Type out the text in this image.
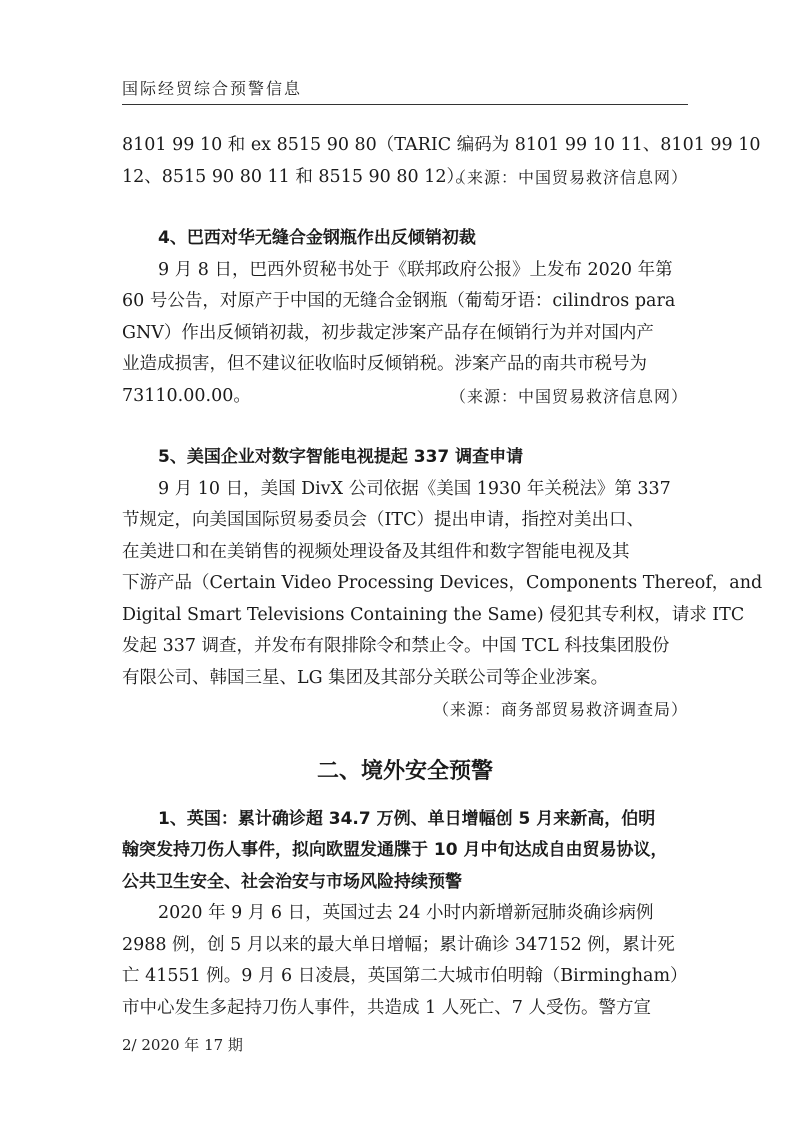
国际经贸综合预警信息

8101 99 10 和 ex 8515 90 80（TARIC 编码为 8101 99 10 11、8101 99 10
12、8515 90 80 11 和 8515 90 80 12）。

（来源：中国贸易救济信息网）

4、巴西对华无缝合金钢瓶作出反倾销初裁

9 月 8 日，巴西外贸秘书处于《联邦政府公报》上发布 2020 年第
60 号公告，对原产于中国的无缝合金钢瓶（葡萄牙语：cilindros para
GNV）作出反倾销初裁，初步裁定涉案产品存在倾销行为并对国内产
业造成损害，但不建议征收临时反倾销税。涉案产品的南共市税号为
73110.00.00。	（来源：中国贸易救济信息网）

5、美国企业对数字智能电视提起 337 调查申请

9 月 10 日，美国 DivX 公司依据《美国 1930 年关税法》第 337
节规定，向美国国际贸易委员会（ITC）提出申请，指控对美出口、
在美进口和在美销售的视频处理设备及其组件和数字智能电视及其
下游产品（Certain Video Processing Devices，Components Thereof，and
Digital Smart Televisions Containing the Same) 侵犯其专利权，请求 ITC
发起 337 调查，并发布有限排除令和禁止令。中国 TCL 科技集团股份
有限公司、韩国三星、LG 集团及其部分关联公司等企业涉案。

（来源：商务部贸易救济调查局）

二、境外安全预警

1、英国：累计确诊超 34.7 万例、单日增幅创 5 月来新高，伯明
翰突发持刀伤人事件，拟向欧盟发通牒于 10 月中旬达成自由贸易协议，
公共卫生安全、社会治安与市场风险持续预警

2020 年 9 月 6 日，英国过去 24 小时内新增新冠肺炎确诊病例
2988 例，创 5 月以来的最大单日增幅；累计确诊 347152 例，累计死
亡 41551 例。9 月 6 日凌晨，英国第二大城市伯明翰（Birmingham）
市中心发生多起持刀伤人事件，共造成 1 人死亡、7 人受伤。警方宣

2/ 2020 年 17 期
